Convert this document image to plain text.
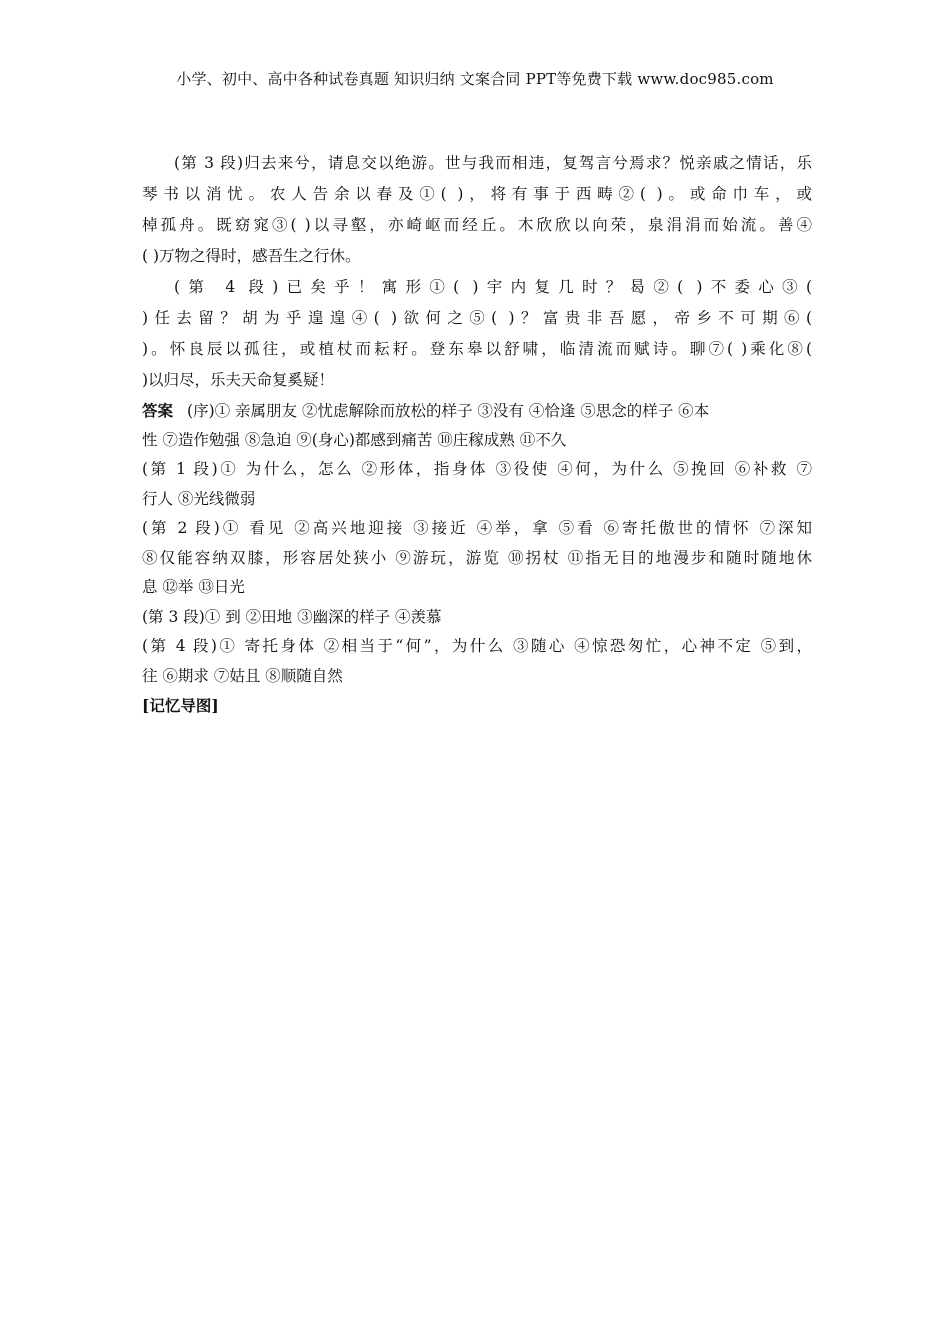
小学、初中、高中各种试卷真题 知识归纳 文案合同 PPT等免费下载 www.doc985.com
(第 3 段)归去来兮，请息交以绝游。世与我而相违，复驾言兮焉求？悦亲戚之情话，乐
琴书以消忧。农人告余以春及①( )，将有事于西畴②( )。或命巾车，或
棹孤舟。既窈窕③( )以寻壑，亦崎岖而经丘。木欣欣以向荣，泉涓涓而始流。善④
( )万物之得时，感吾生之行休。
(第 4 段)已矣乎！寓形①( )宇内复几时？曷②( )不委心③(
)任去留？胡为乎遑遑④( )欲何之⑤( )？富贵非吾愿，帝乡不可期⑥(
)。怀良辰以孤往，或植杖而耘耔。登东皋以舒啸，临清流而赋诗。聊⑦( )乘化⑧(
)以归尽，乐夫天命复奚疑！
答案 (序)① 亲属朋友 ②忧虑解除而放松的样子 ③没有 ④恰逢 ⑤思念的样子 ⑥本
性 ⑦造作勉强 ⑧急迫 ⑨(身心)都感到痛苦 ⑩庄稼成熟 ⑪不久
(第 1 段)① 为什么，怎么 ②形体，指身体 ③役使 ④何，为什么 ⑤挽回 ⑥补救 ⑦
行人 ⑧光线微弱
(第 2 段)① 看见 ②高兴地迎接 ③接近 ④举，拿 ⑤看 ⑥寄托傲世的情怀 ⑦深知
⑧仅能容纳双膝，形容居处狭小 ⑨游玩，游览 ⑩拐杖 ⑪指无目的地漫步和随时随地休
息 ⑫举 ⑬日光
(第 3 段)① 到 ②田地 ③幽深的样子 ④羡慕
(第 4 段)① 寄托身体 ②相当于“何”，为什么 ③随心 ④惊恐匆忙，心神不定 ⑤到，
往 ⑥期求 ⑦姑且 ⑧顺随自然
[记忆导图]
